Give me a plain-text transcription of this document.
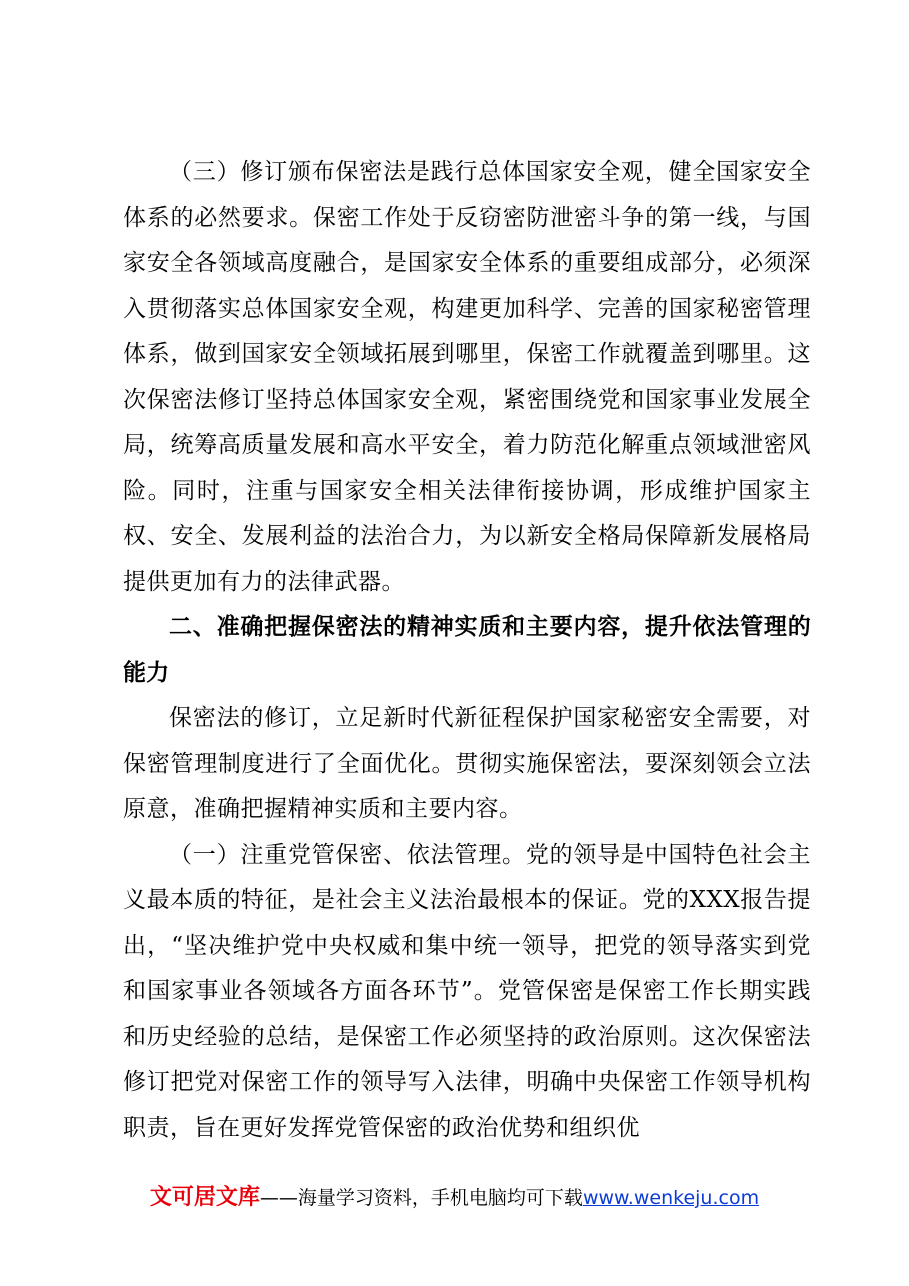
（三）修订颁布保密法是践行总体国家安全观，健全国家安全体系的必然要求。保密工作处于反窃密防泄密斗争的第一线，与国家安全各领域高度融合，是国家安全体系的重要组成部分，必须深入贯彻落实总体国家安全观，构建更加科学、完善的国家秘密管理体系，做到国家安全领域拓展到哪里，保密工作就覆盖到哪里。这次保密法修订坚持总体国家安全观，紧密围绕党和国家事业发展全局，统筹高质量发展和高水平安全，着力防范化解重点领域泄密风险。同时，注重与国家安全相关法律衔接协调，形成维护国家主权、安全、发展利益的法治合力，为以新安全格局保障新发展格局提供更加有力的法律武器。

二、准确把握保密法的精神实质和主要内容，提升依法管理的能力

保密法的修订，立足新时代新征程保护国家秘密安全需要，对保密管理制度进行了全面优化。贯彻实施保密法，要深刻领会立法原意，准确把握精神实质和主要内容。

（一）注重党管保密、依法管理。党的领导是中国特色社会主义最本质的特征，是社会主义法治最根本的保证。党的XXX报告提出，“坚决维护党中央权威和集中统一领导，把党的领导落实到党和国家事业各领域各方面各环节”。党管保密是保密工作长期实践和历史经验的总结，是保密工作必须坚持的政治原则。这次保密法修订把党对保密工作的领导写入法律，明确中央保密工作领导机构职责，旨在更好发挥党管保密的政治优势和组织优

文可居文库——海量学习资料，手机电脑均可下载www.wenkeju.com
